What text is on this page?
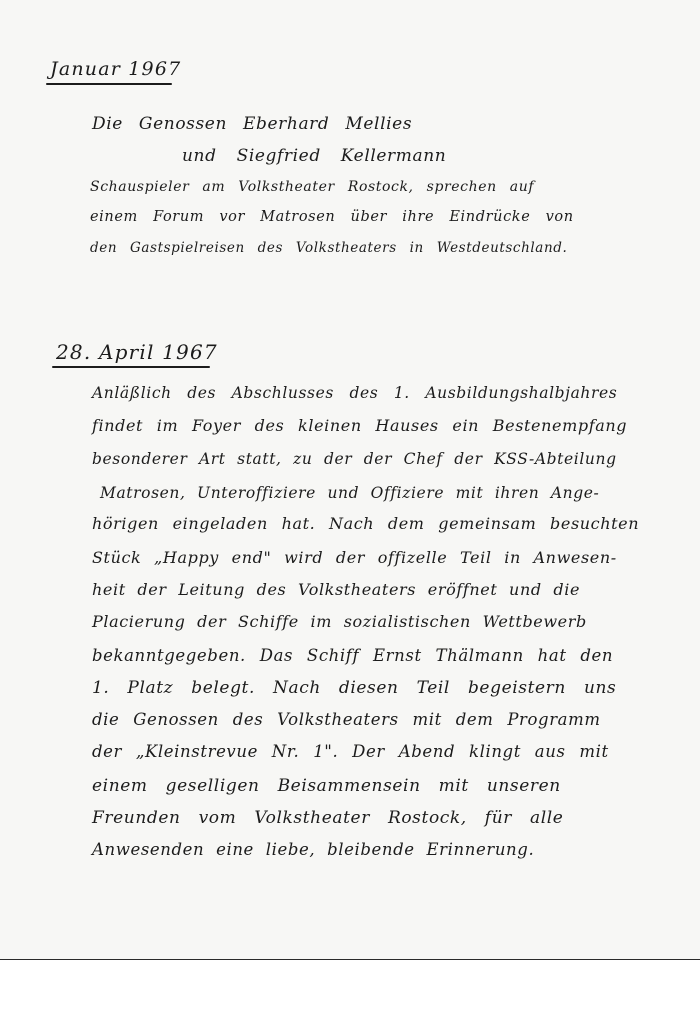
Januar 1967
Die Genossen Eberhard Mellies
und Siegfried Kellermann
Schauspieler am Volkstheater Rostock, sprechen auf
einem Forum vor Matrosen über ihre Eindrücke von
den Gastspielreisen des Volkstheaters in Westdeutschland.
28. April 1967
Anläßlich des Abschlusses des 1. Ausbildungshalbjahres
findet im Foyer des kleinen Hauses ein Bestenempfang
besonderer Art statt, zu der der Chef der KSS-Abteilung
Matrosen, Unteroffiziere und Offiziere mit ihren Ange-
hörigen eingeladen hat. Nach dem gemeinsam besuchten
Stück „Happy end" wird der offizelle Teil in Anwesen-
heit der Leitung des Volkstheaters eröffnet und die
Placierung der Schiffe im sozialistischen Wettbewerb
bekanntgegeben. Das Schiff Ernst Thälmann hat den
1. Platz belegt. Nach diesen Teil begeistern uns
die Genossen des Volkstheaters mit dem Programm
der „Kleinstrevue Nr. 1". Der Abend klingt aus mit
einem geselligen Beisammensein mit unseren
Freunden vom Volkstheater Rostock, für alle
Anwesenden eine liebe, bleibende Erinnerung.
